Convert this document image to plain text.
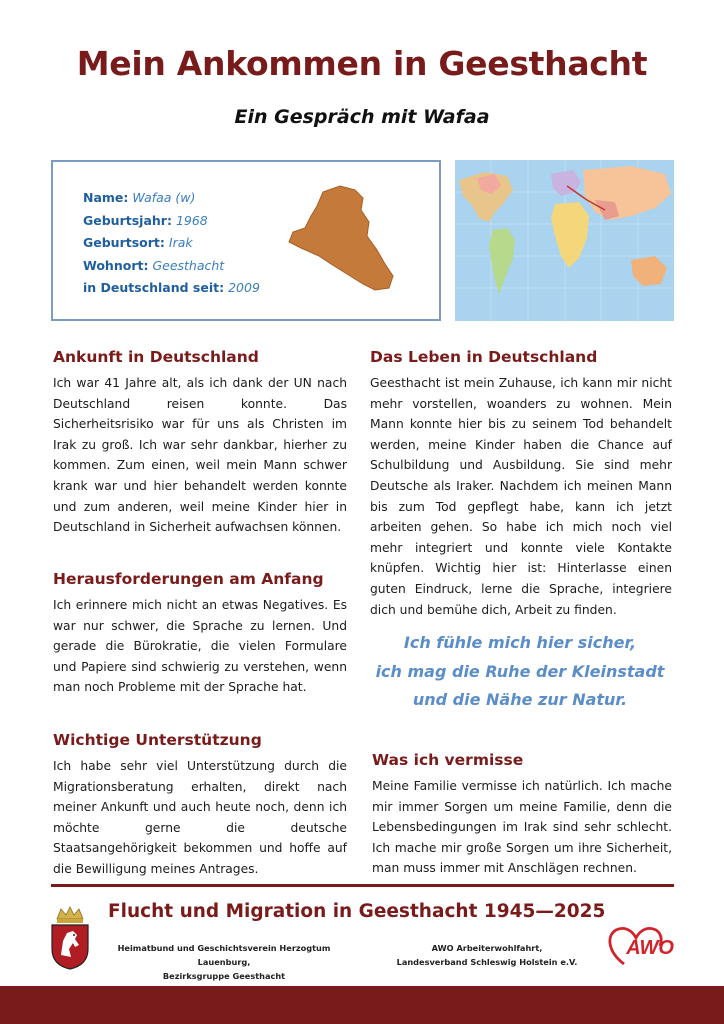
Mein Ankommen in Geesthacht
Ein Gespräch mit Wafaa
Name: Wafaa (w)
Geburtsjahr: 1968
Geburtsort: Irak
Wohnort: Geesthacht
in Deutschland seit: 2009
Ankunft in Deutschland

Ich war 41 Jahre alt, als ich dank der UN nach Deutschland reisen konnte. Das Sicherheitsrisiko war für uns als Christen im Irak zu groß. Ich war sehr dankbar, hierher zu kommen. Zum einen, weil mein Mann schwer krank war und hier behandelt werden konnte und zum anderen, weil meine Kinder hier in Deutschland in Sicherheit aufwachsen können.

Herausforderungen am Anfang

Ich erinnere mich nicht an etwas Negatives. Es war nur schwer, die Sprache zu lernen. Und gerade die Bürokratie, die vielen Formulare und Papiere sind schwierig zu verstehen, wenn man noch Probleme mit der Sprache hat.

Wichtige Unterstützung

Ich habe sehr viel Unterstützung durch die Migrationsberatung erhalten, direkt nach meiner Ankunft und auch heute noch, denn ich möchte gerne die deutsche Staatsangehörigkeit bekommen und hoffe auf die Bewilligung meines Antrages.

Das Leben in Deutschland

Geesthacht ist mein Zuhause, ich kann mir nicht mehr vorstellen, woanders zu wohnen. Mein Mann konnte hier bis zu seinem Tod behandelt werden, meine Kinder haben die Chance auf Schulbildung und Ausbildung. Sie sind mehr Deutsche als Iraker. Nachdem ich meinen Mann bis zum Tod gepflegt habe, kann ich jetzt arbeiten gehen. So habe ich mich noch viel mehr integriert und konnte viele Kontakte knüpfen. Wichtig hier ist: Hinterlasse einen guten Eindruck, lerne die Sprache, integriere dich und bemühe dich, Arbeit zu finden.

Ich fühle mich hier sicher,
ich mag die Ruhe der Kleinstadt
und die Nähe zur Natur.
Was ich vermisse

Meine Familie vermisse ich natürlich. Ich mache mir immer Sorgen um meine Familie, denn die Lebensbedingungen im Irak sind sehr schlecht. Ich mache mir große Sorgen um ihre Sicherheit, man muss immer mit Anschlägen rechnen.

Flucht und Migration in Geesthacht 1945—2025
Heimatbund und Geschichtsverein Herzogtum Lauenburg,
Bezirksgruppe Geesthacht
AWO Arbeiterwohlfahrt,
Landesverband Schleswig Holstein e.V.
AWO
